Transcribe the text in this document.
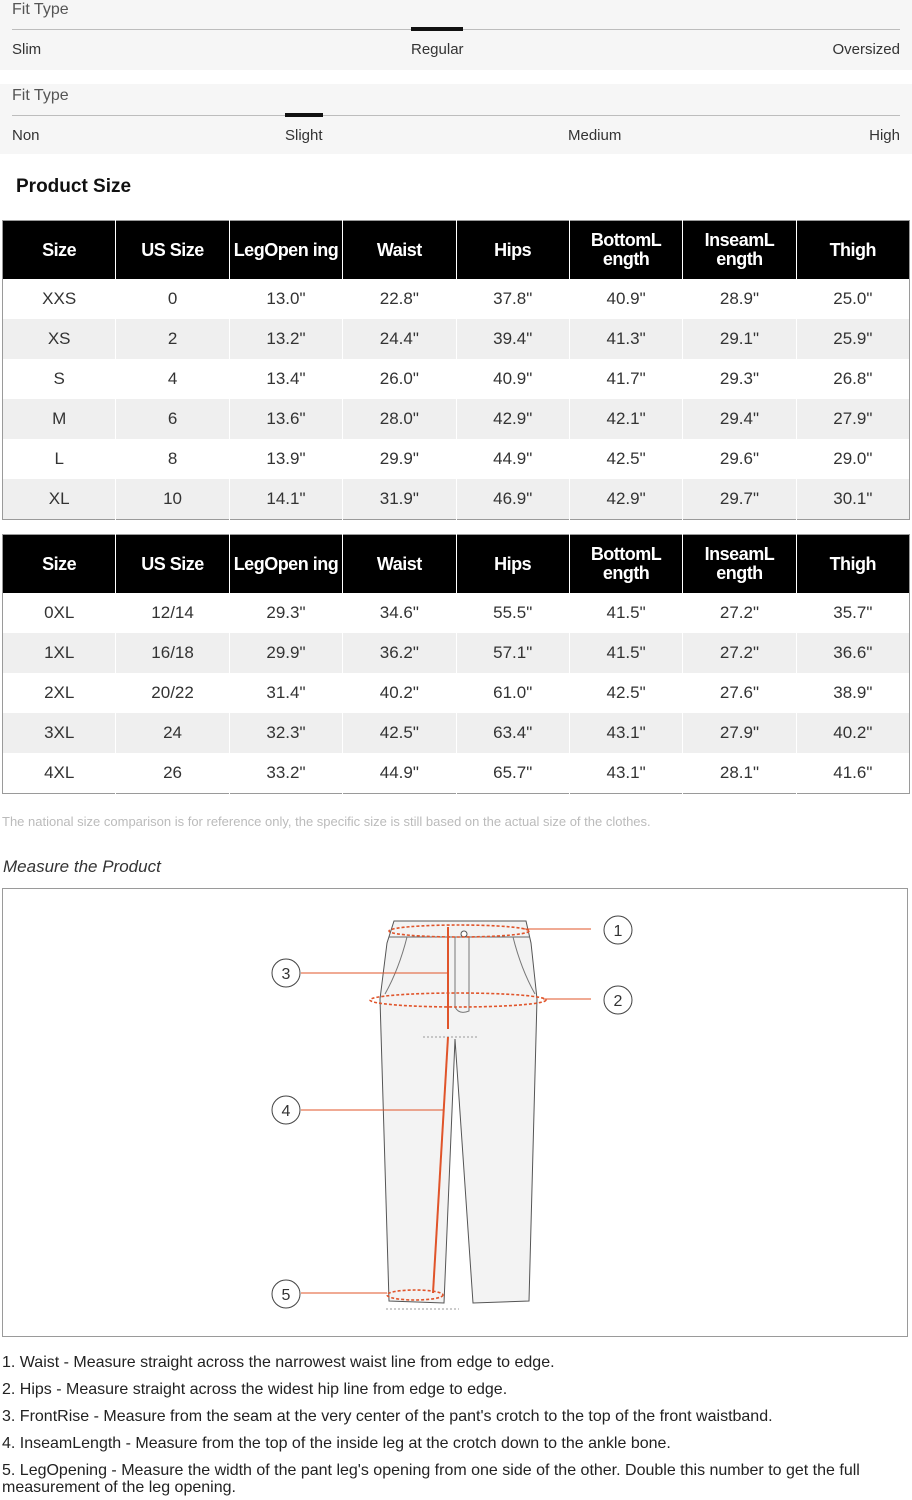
Fit Type
Slim	Regular	Oversized
Fit Type
Non	Slight	Medium	High
Product Size
Size	US Size	LegOpen ing	Waist	Hips	BottomL ength	InseamL ength	Thigh
XXS	0	13.0"	22.8"	37.8"	40.9"	28.9"	25.0"
XS	2	13.2"	24.4"	39.4"	41.3"	29.1"	25.9"
S	4	13.4"	26.0"	40.9"	41.7"	29.3"	26.8"
M	6	13.6"	28.0"	42.9"	42.1"	29.4"	27.9"
L	8	13.9"	29.9"	44.9"	42.5"	29.6"	29.0"
XL	10	14.1"	31.9"	46.9"	42.9"	29.7"	30.1"
Size	US Size	LegOpen ing	Waist	Hips	BottomL ength	InseamL ength	Thigh
0XL	12/14	29.3"	34.6"	55.5"	41.5"	27.2"	35.7"
1XL	16/18	29.9"	36.2"	57.1"	41.5"	27.2"	36.6"
2XL	20/22	31.4"	40.2"	61.0"	42.5"	27.6"	38.9"
3XL	24	32.3"	42.5"	63.4"	43.1"	27.9"	40.2"
4XL	26	33.2"	44.9"	65.7"	43.1"	28.1"	41.6"
The national size comparison is for reference only, the specific size is still based on the actual size of the clothes.
Measure the Product
1
2
3
4
5

1. Waist - Measure straight across the narrowest waist line from edge to edge.

2. Hips - Measure straight across the widest hip line from edge to edge.

3. FrontRise - Measure from the seam at the very center of the pant's crotch to the top of the front waistband.

4. InseamLength - Measure from the top of the inside leg at the crotch down to the ankle bone.

5. LegOpening - Measure the width of the pant leg's opening from one side of the other. Double this number to get the full measurement of the leg opening.
